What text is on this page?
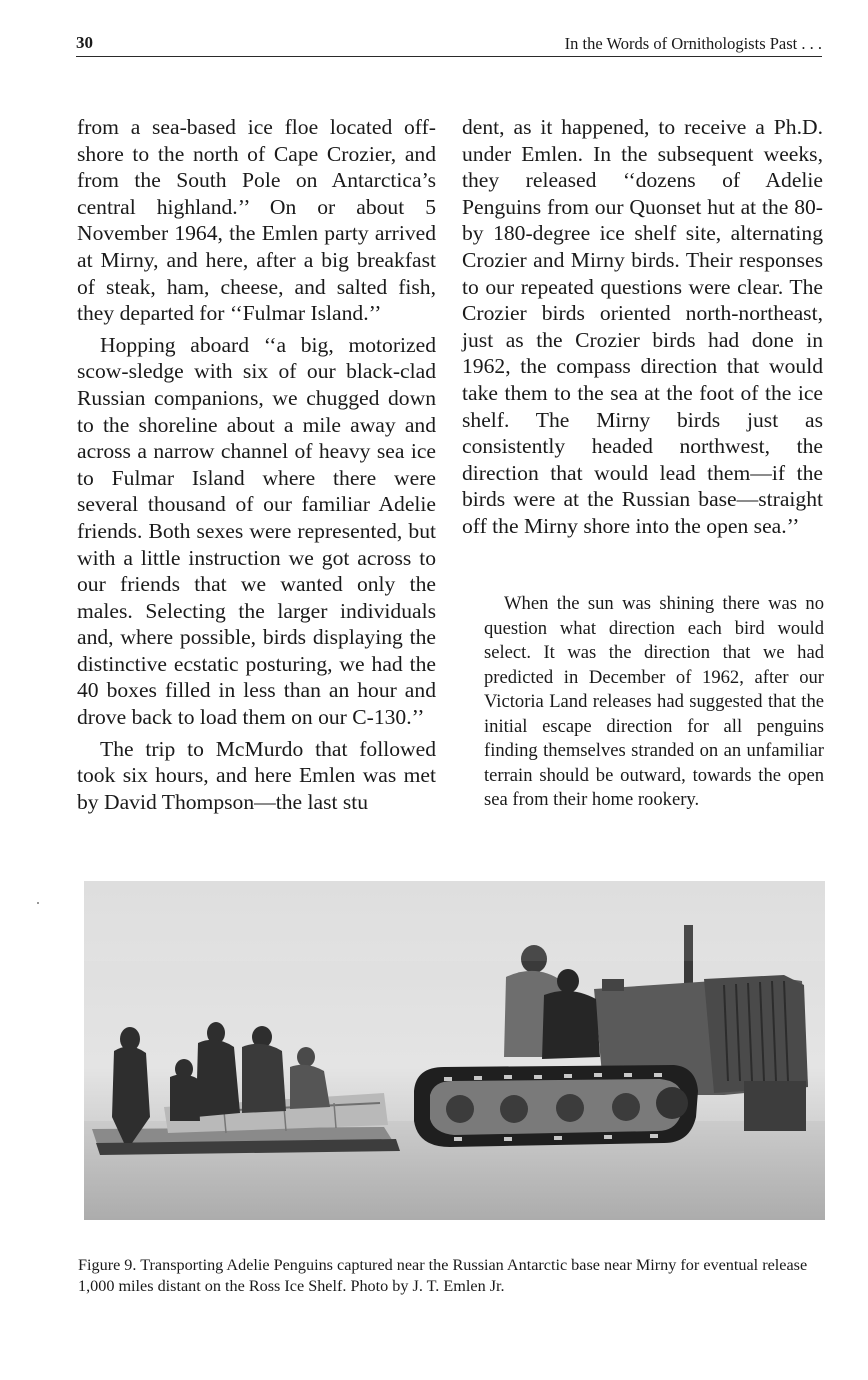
30	In the Words of Ornithologists Past . . .

from a sea-based ice floe located offshore to the north of Cape Crozier, and from the South Pole on Antarctica’s central highland.’’ On or about 5 November 1964, the Emlen party arrived at Mirny, and here, after a big breakfast of steak, ham, cheese, and salted fish, they departed for ‘‘Fulmar Island.’’

Hopping aboard ‘‘a big, motorized scow-sledge with six of our black-clad Russian companions, we chugged down to the shoreline about a mile away and across a narrow channel of heavy sea ice to Fulmar Island where there were several thousand of our familiar Adelie friends. Both sexes were represented, but with a little instruction we got across to our friends that we wanted only the males. Selecting the larger individuals and, where possible, birds displaying the distinctive ecstatic posturing, we had the 40 boxes filled in less than an hour and drove back to load them on our C-130.’’

The trip to McMurdo that followed took six hours, and here Emlen was met by David Thompson—the last stu

dent, as it happened, to receive a Ph.D. under Emlen. In the subsequent weeks, they released ‘‘dozens of Adelie Penguins from our Quonset hut at the 80- by 180-degree ice shelf site, alternating Crozier and Mirny birds. Their responses to our repeated questions were clear. The Crozier birds oriented north-northeast, just as the Crozier birds had done in 1962, the compass direction that would take them to the sea at the foot of the ice shelf. The Mirny birds just as consistently headed northwest, the direction that would lead them—if the birds were at the Russian base—straight off the Mirny shore into the open sea.’’

When the sun was shining there was no question what direction each bird would select. It was the direction that we had predicted in December of 1962, after our Victoria Land releases had suggested that the initial escape direction for all penguins finding themselves stranded on an unfamiliar terrain should be outward, towards the open sea from their home rookery.

Figure 9. Transporting Adelie Penguins captured near the Russian Antarctic base near Mirny for eventual release 1,000 miles distant on the Ross Ice Shelf. Photo by J. T. Emlen Jr.
